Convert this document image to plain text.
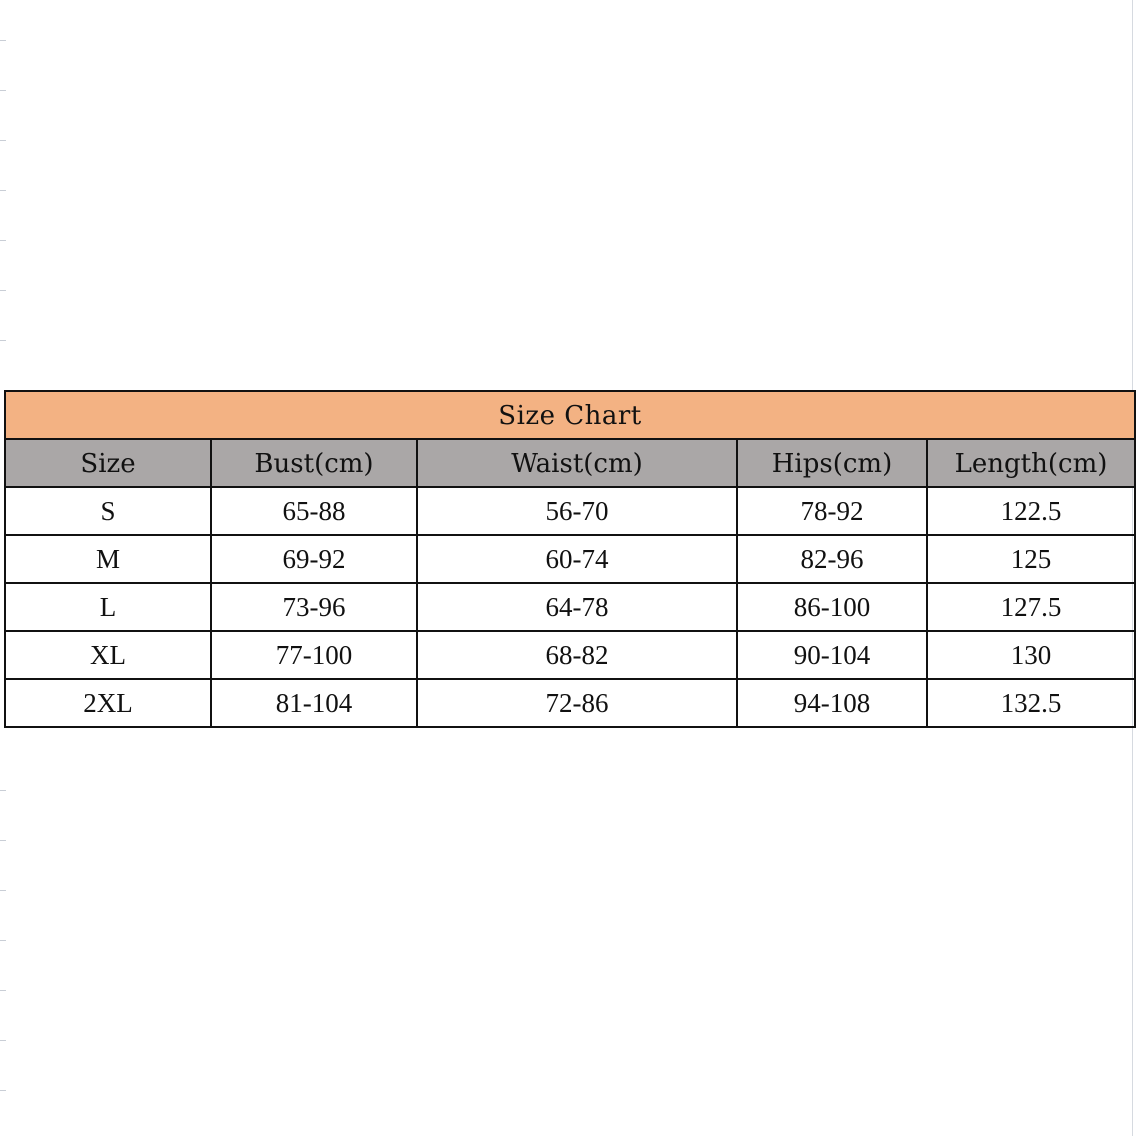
Size Chart				
Size	Bust(cm)	Waist(cm)	Hips(cm)	Length(cm)
S	65-88	56-70	78-92	122.5
M	69-92	60-74	82-96	125
L	73-96	64-78	86-100	127.5
XL	77-100	68-82	90-104	130
2XL	81-104	72-86	94-108	132.5
